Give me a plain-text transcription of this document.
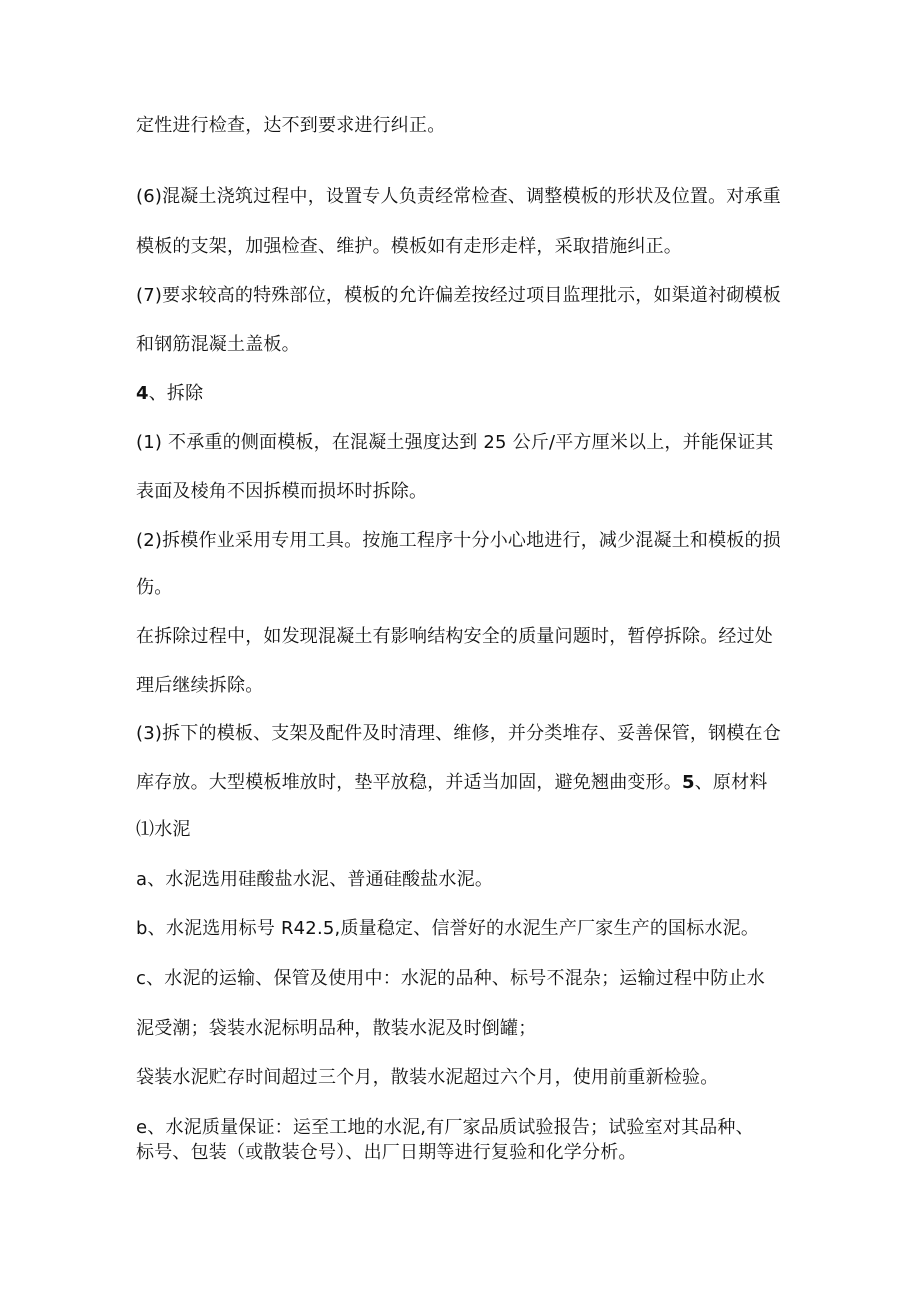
定性进行检查，达不到要求进行纠正。
(6)混凝土浇筑过程中，设置专人负责经常检查、调整模板的形状及位置。对承重
模板的支架，加强检查、维护。模板如有走形走样，采取措施纠正。
(7)要求较高的特殊部位，模板的允许偏差按经过项目监理批示，如渠道衬砌模板
和钢筋混凝土盖板。
4、拆除
(1) 不承重的侧面模板，在混凝土强度达到 25 公斤/平方厘米以上，并能保证其
表面及棱角不因拆模而损坏时拆除。
(2)拆模作业采用专用工具。按施工程序十分小心地进行，减少混凝土和模板的损
伤。
在拆除过程中，如发现混凝土有影响结构安全的质量问题时，暂停拆除。经过处
理后继续拆除。
(3)拆下的模板、支架及配件及时清理、维修，并分类堆存、妥善保管，钢模在仓
库存放。大型模板堆放时，垫平放稳，并适当加固，避免翘曲变形。5、原材料
⑴水泥
a、水泥选用硅酸盐水泥、普通硅酸盐水泥。
b、水泥选用标号 R42.5,质量稳定、信誉好的水泥生产厂家生产的国标水泥。
c、水泥的运输、保管及使用中：水泥的品种、标号不混杂；运输过程中防止水
泥受潮；袋装水泥标明品种，散装水泥及时倒罐；
袋装水泥贮存时间超过三个月，散装水泥超过六个月，使用前重新检验。
e、水泥质量保证：运至工地的水泥,有厂家品质试验报告；试验室对其品种、
标号、包装（或散装仓号）、出厂日期等进行复验和化学分析。
